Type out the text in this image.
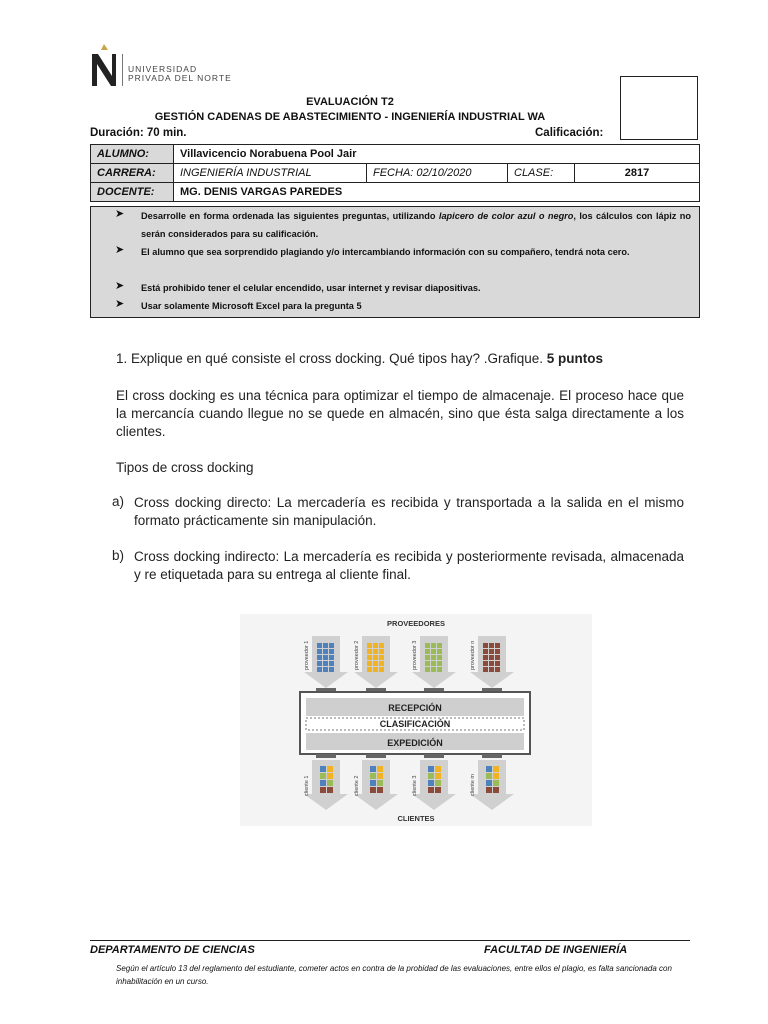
UNIVERSIDAD
PRIVADA DEL NORTE
EVALUACIÓN T2
GESTIÓN CADENAS DE ABASTECIMIENTO - INGENIERÍA INDUSTRIAL WA
Duración: 70 min.	Calificación:
ALUMNO:	Villavicencio Norabuena Pool Jair			
CARRERA:	INGENIERÍA INDUSTRIAL	FECHA: 02/10/2020	CLASE:	2817
DOCENTE:	MG. DENIS VARGAS PAREDES			
➤ Desarrolle en forma ordenada las siguientes preguntas, utilizando lapicero de color azul o negro, los cálculos con lápiz no serán considerados para su calificación.
➤ El alumno que sea sorprendido plagiando y/o intercambiando información con su compañero, tendrá nota cero.
➤ Está prohibido tener el celular encendido, usar internet y revisar diapositivas.
➤ Usar solamente Microsoft Excel para la pregunta 5
1. Explique en qué consiste el cross docking. Qué tipos hay? .Grafique. 5 puntos
El cross docking es una técnica para optimizar el tiempo de almacenaje. El proceso hace que la mercancía cuando llegue no se quede en almacén, sino que ésta salga directamente a los clientes.
Tipos de cross docking
a) Cross docking directo: La mercadería es recibida y transportada a la salida en el mismo formato prácticamente sin manipulación.
b) Cross docking indirecto: La mercadería es recibida y posteriormente revisada, almacenada y re etiquetada para su entrega al cliente final.
PROVEEDORES
proveedor 1	proveedor 2	proveedor 3	proveedor n
RECEPCIÓN
CLASIFICACIÓN
EXPEDICIÓN
cliente 1	cliente 2	cliente 3	cliente m
CLIENTES
DEPARTAMENTO DE CIENCIAS	FACULTAD DE INGENIERÍA
Según el artículo 13 del reglamento del estudiante, cometer actos en contra de la probidad de las evaluaciones, entre ellos el plagio, es falta sancionada con inhabilitación en un curso.
